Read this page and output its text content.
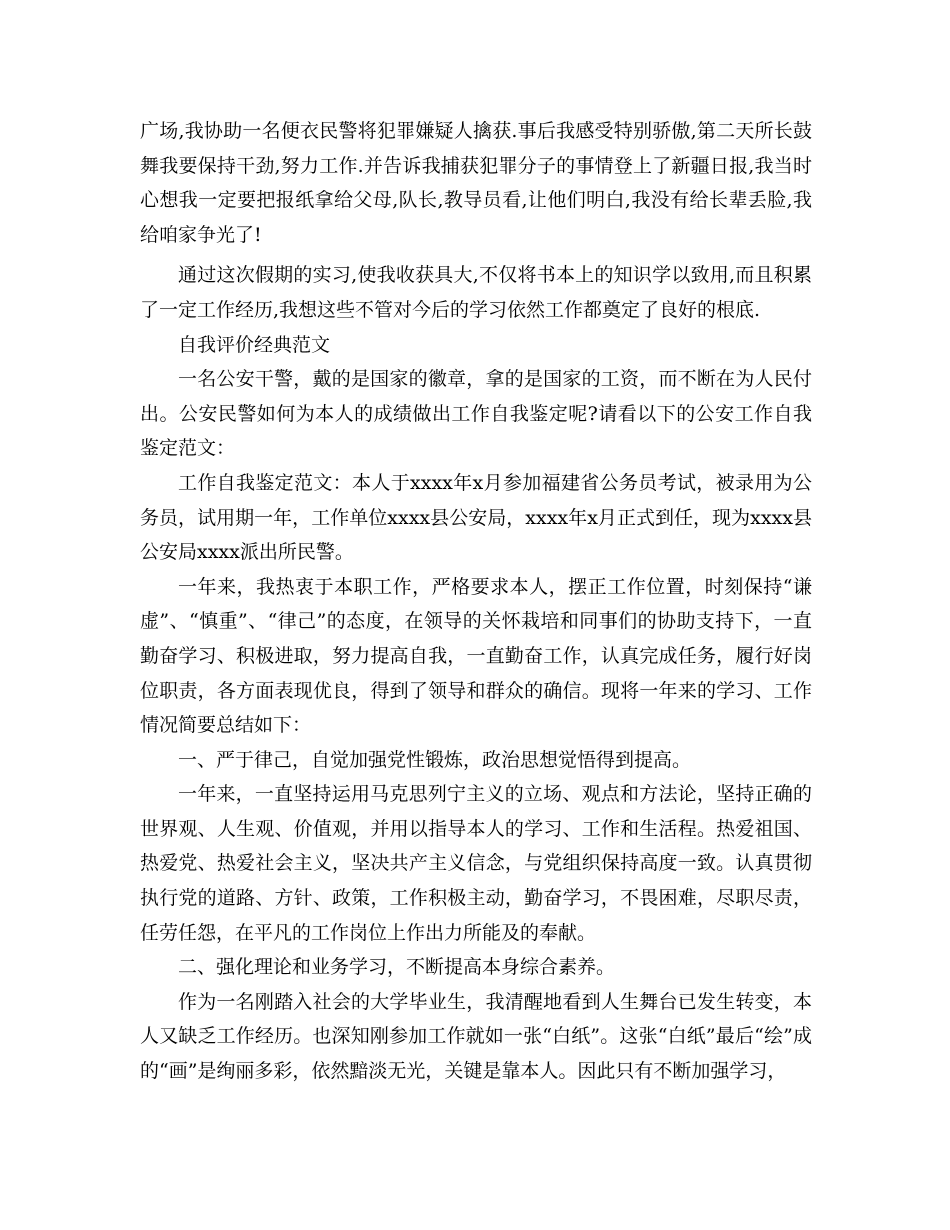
广场,我协助一名便衣民警将犯罪嫌疑人擒获.事后我感受特别骄傲,第二天所长鼓舞我要保持干劲,努力工作.并告诉我捕获犯罪分子的事情登上了新疆日报,我当时心想我一定要把报纸拿给父母,队长,教导员看,让他们明白,我没有给长辈丢脸,我给咱家争光了!

通过这次假期的实习,使我收获具大,不仅将书本上的知识学以致用,而且积累了一定工作经历,我想这些不管对今后的学习依然工作都奠定了良好的根底.

自我评价经典范文

一名公安干警，戴的是国家的徽章，拿的是国家的工资，而不断在为人民付出。公安民警如何为本人的成绩做出工作自我鉴定呢?请看以下的公安工作自我鉴定范文：

工作自我鉴定范文：本人于xxxx年x月参加福建省公务员考试，被录用为公务员，试用期一年，工作单位xxxx县公安局，xxxx年x月正式到任，现为xxxx县公安局xxxx派出所民警。

一年来，我热衷于本职工作，严格要求本人，摆正工作位置，时刻保持“谦虚”、“慎重”、“律己”的态度，在领导的关怀栽培和同事们的协助支持下，一直勤奋学习、积极进取，努力提高自我，一直勤奋工作，认真完成任务，履行好岗位职责，各方面表现优良，得到了领导和群众的确信。现将一年来的学习、工作情况简要总结如下：

一、严于律己，自觉加强党性锻炼，政治思想觉悟得到提高。

一年来，一直坚持运用马克思列宁主义的立场、观点和方法论，坚持正确的世界观、人生观、价值观，并用以指导本人的学习、工作和生活程。热爱祖国、热爱党、热爱社会主义，坚决共产主义信念，与党组织保持高度一致。认真贯彻执行党的道路、方针、政策，工作积极主动，勤奋学习，不畏困难，尽职尽责，任劳任怨，在平凡的工作岗位上作出力所能及的奉献。

二、强化理论和业务学习，不断提高本身综合素养。

作为一名刚踏入社会的大学毕业生，我清醒地看到人生舞台已发生转变，本人又缺乏工作经历。也深知刚参加工作就如一张“白纸”。这张“白纸”最后“绘”成的“画”是绚丽多彩，依然黯淡无光，关键是靠本人。因此只有不断加强学习，
